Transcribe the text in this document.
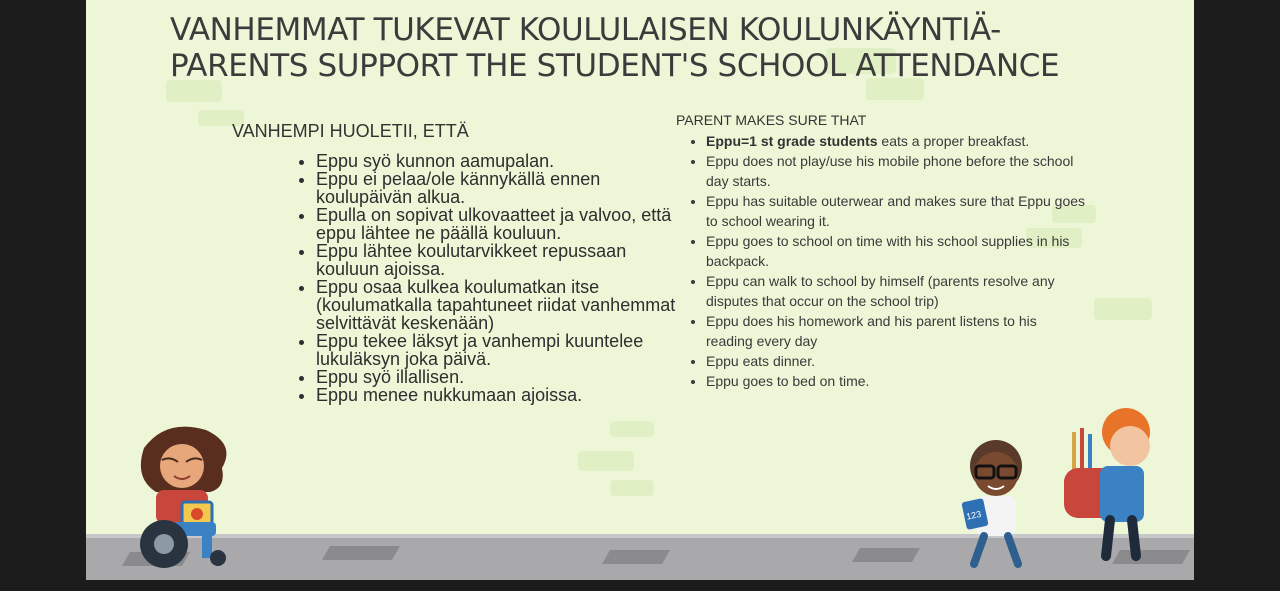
VANHEMMAT TUKEVAT KOULULAISEN KOULUNKÄYNTIÄ-
PARENTS SUPPORT THE STUDENT'S SCHOOL ATTENDANCE

VANHEMPI HUOLETII, ETTÄ

• Eppu syö kunnon aamupalan.
• Eppu ei pelaa/ole kännykällä ennen koulupäivän alkua.
• Epulla on sopivat ulkovaatteet ja valvoo, että eppu lähtee ne päällä kouluun.
• Eppu lähtee koulutarvikkeet repussaan kouluun ajoissa.
• Eppu osaa kulkea koulumatkan itse (koulumatkalla tapahtuneet riidat vanhemmat selvittävät keskenään)
• Eppu tekee läksyt ja vanhempi kuuntelee lukuläksyn joka päivä.
• Eppu syö illallisen.
• Eppu menee nukkumaan ajoissa.

PARENT MAKES SURE THAT

• Eppu=1 st grade students eats a proper breakfast.
• Eppu does not play/use his mobile phone before the school day starts.
• Eppu has suitable outerwear and makes sure that Eppu goes to school wearing it.
• Eppu goes to school on time with his school supplies in his backpack.
• Eppu can walk to school by himself (parents resolve any disputes that occur on the school trip)
• Eppu does his homework and his parent listens to his reading every day
• Eppu eats dinner.
• Eppu goes to bed on time.
123
